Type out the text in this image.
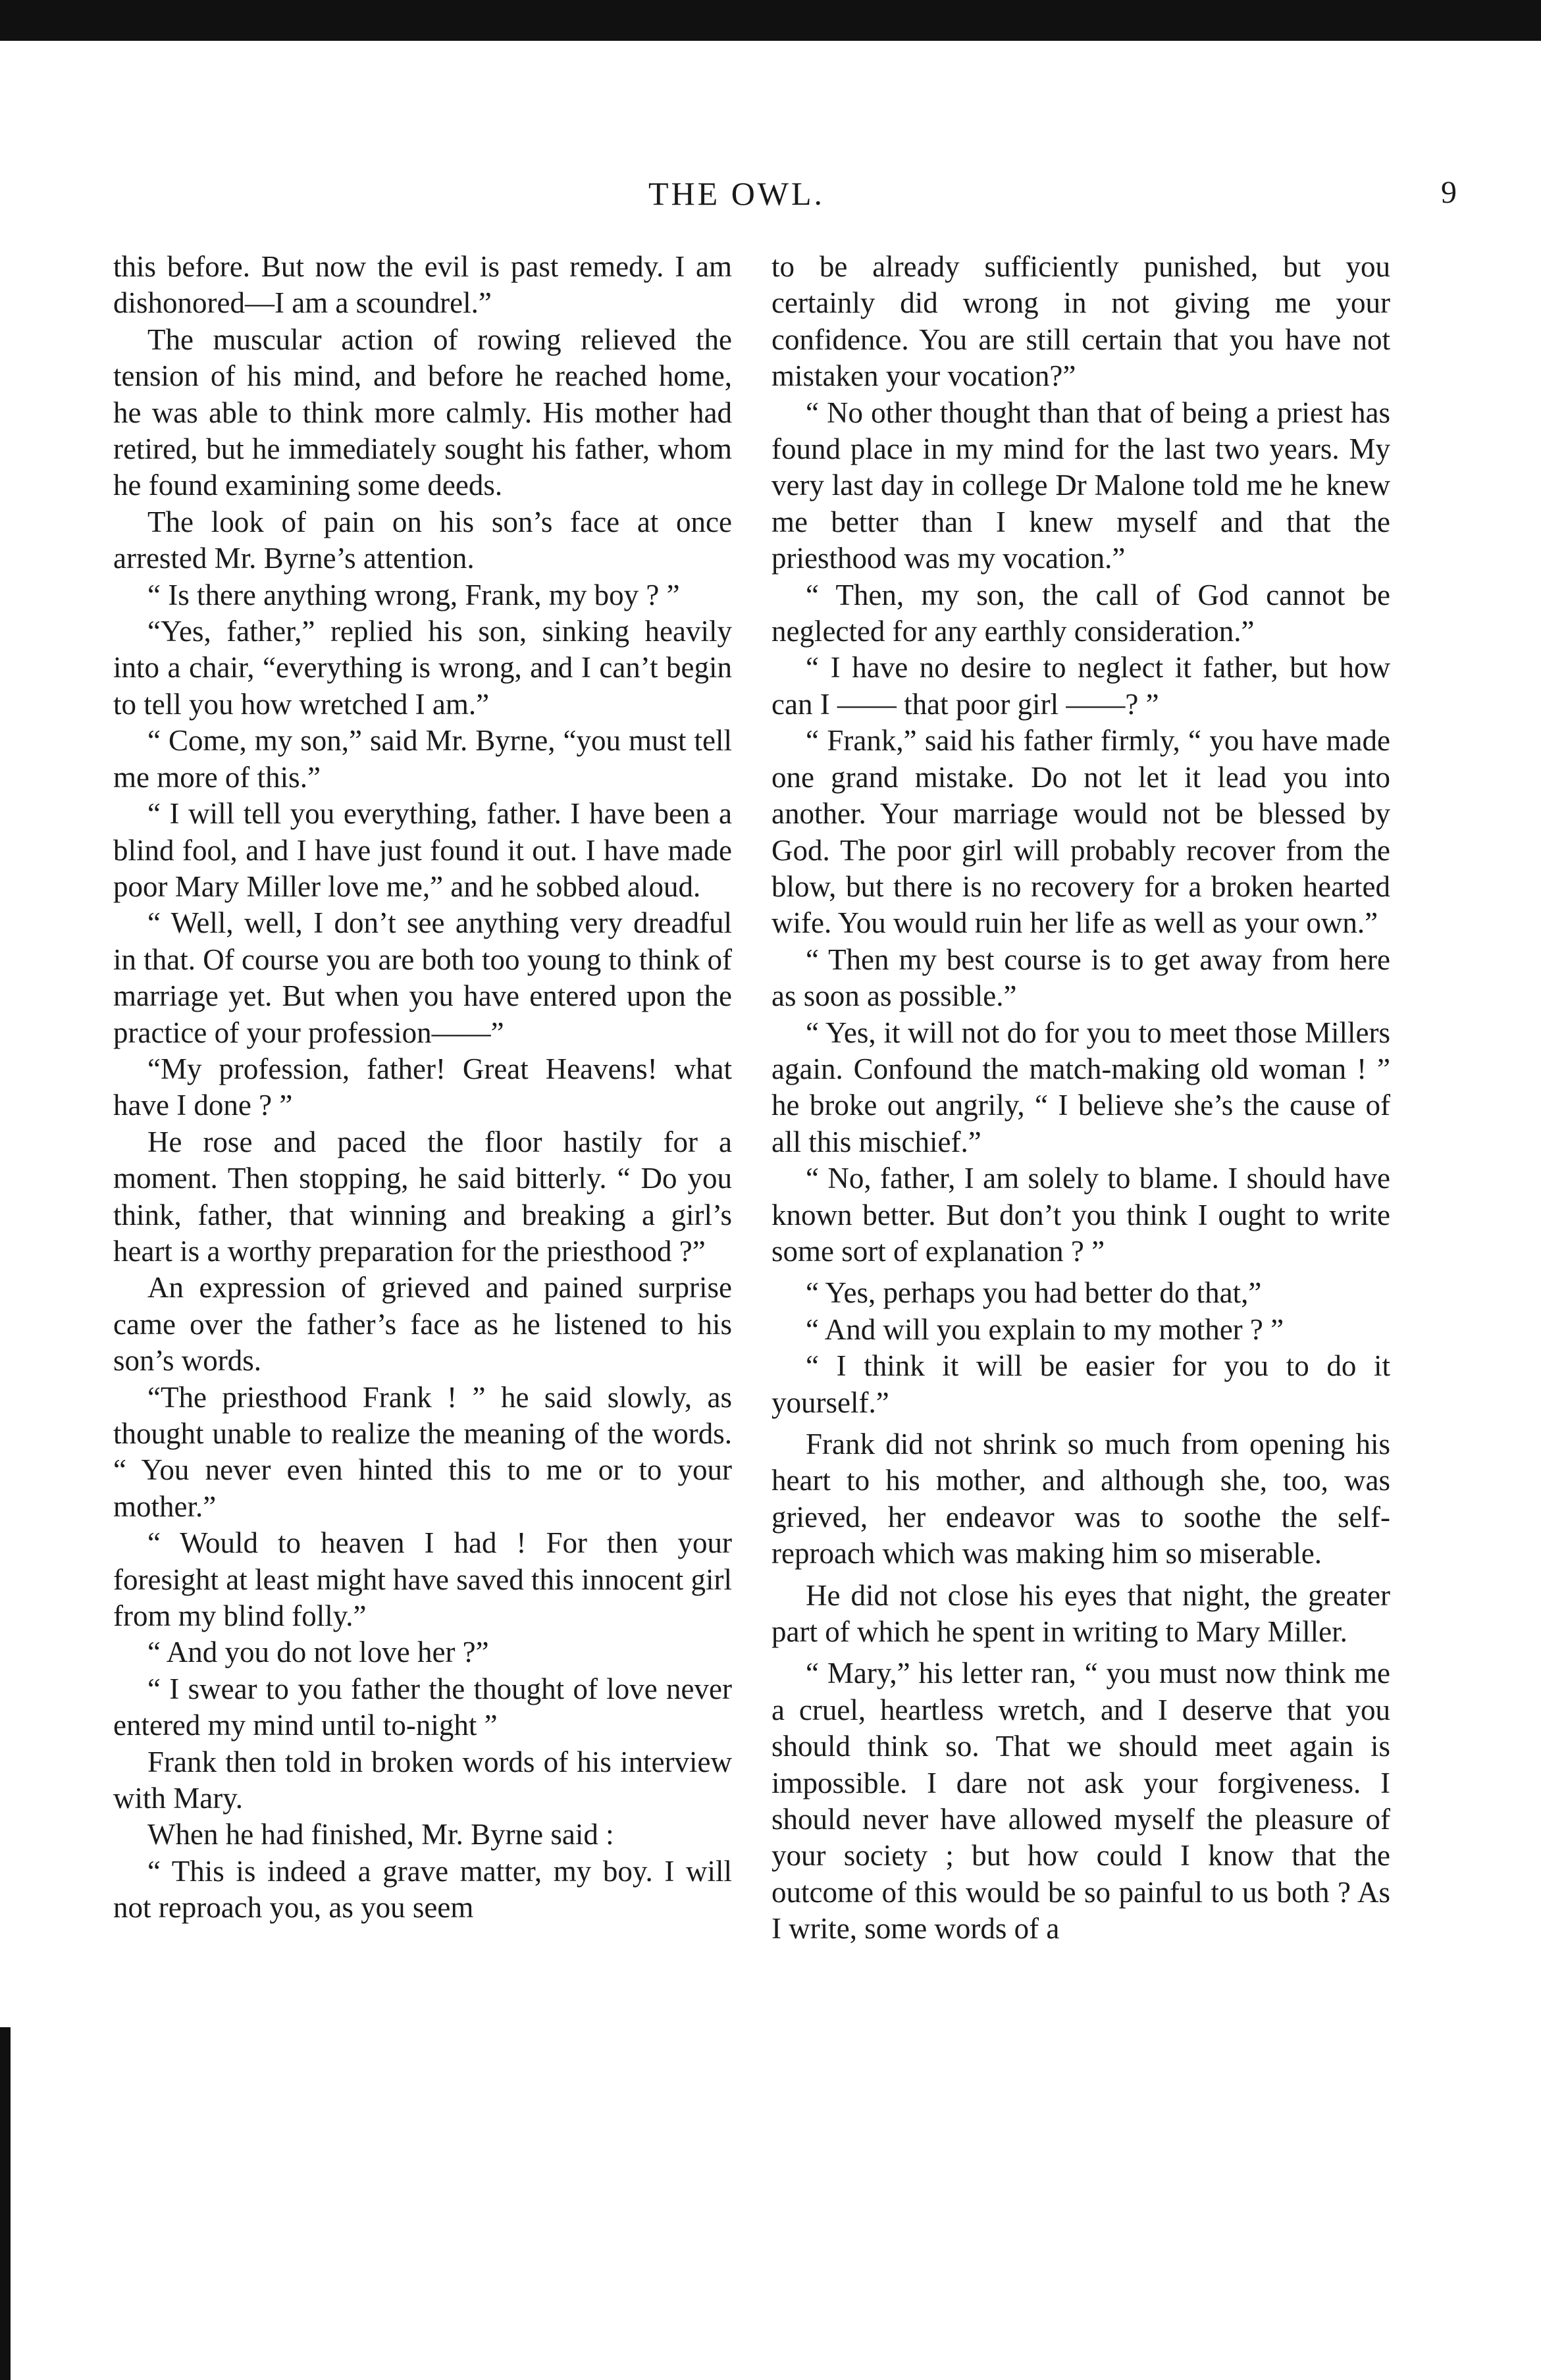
THE OWL.	9

this before. But now the evil is past remedy. I am dishonored—I am a scoundrel.”

The muscular action of rowing relieved the tension of his mind, and before he reached home, he was able to think more calmly. His mother had retired, but he immediately sought his father, whom he found examining some deeds.

The look of pain on his son’s face at once arrested Mr. Byrne’s attention.

“ Is there anything wrong, Frank, my boy ? ”

“Yes, father,” replied his son, sinking heavily into a chair, “everything is wrong, and I can’t begin to tell you how wretched I am.”

“ Come, my son,” said Mr. Byrne, “you must tell me more of this.”

“ I will tell you everything, father. I have been a blind fool, and I have just found it out. I have made poor Mary Miller love me,” and he sobbed aloud.

“ Well, well, I don’t see anything very dreadful in that. Of course you are both too young to think of marriage yet. But when you have entered upon the practice of your profession——”

“My profession, father! Great Heavens! what have I done ? ”

He rose and paced the floor hastily for a moment. Then stopping, he said bitterly. “ Do you think, father, that winning and breaking a girl’s heart is a worthy preparation for the priesthood ?”

An expression of grieved and pained surprise came over the father’s face as he listened to his son’s words.

“The priesthood Frank ! ” he said slowly, as thought unable to realize the meaning of the words. “ You never even hinted this to me or to your mother.”

“ Would to heaven I had ! For then your foresight at least might have saved this innocent girl from my blind folly.”

“ And you do not love her ?”

“ I swear to you father the thought of love never entered my mind until to-night ”

Frank then told in broken words of his interview with Mary.

When he had finished, Mr. Byrne said :

“ This is indeed a grave matter, my boy. I will not reproach you, as you seem

to be already sufficiently punished, but you certainly did wrong in not giving me your confidence. You are still certain that you have not mistaken your vocation?”

“ No other thought than that of being a priest has found place in my mind for the last two years. My very last day in college Dr Malone told me he knew me better than I knew myself and that the priesthood was my vocation.”

“ Then, my son, the call of God cannot be neglected for any earthly consideration.”

“ I have no desire to neglect it father, but how can I —— that poor girl ——? ”

“ Frank,” said his father firmly, “ you have made one grand mistake. Do not let it lead you into another. Your marriage would not be blessed by God. The poor girl will probably recover from the blow, but there is no recovery for a broken hearted wife. You would ruin her life as well as your own.”

“ Then my best course is to get away from here as soon as possible.”

“ Yes, it will not do for you to meet those Millers again. Confound the match-making old woman ! ” he broke out angrily, “ I believe she’s the cause of all this mischief.”

“ No, father, I am solely to blame. I should have known better. But don’t you think I ought to write some sort of explanation ? ”

“ Yes, perhaps you had better do that,”

“ And will you explain to my mother ? ”

“ I think it will be easier for you to do it yourself.”

Frank did not shrink so much from opening his heart to his mother, and although she, too, was grieved, her endeavor was to soothe the self-reproach which was making him so miserable.

He did not close his eyes that night, the greater part of which he spent in writing to Mary Miller.

“ Mary,” his letter ran, “ you must now think me a cruel, heartless wretch, and I deserve that you should think so. That we should meet again is impossible. I dare not ask your forgiveness. I should never have allowed myself the pleasure of your society ; but how could I know that the outcome of this would be so painful to us both ? As I write, some words of a
